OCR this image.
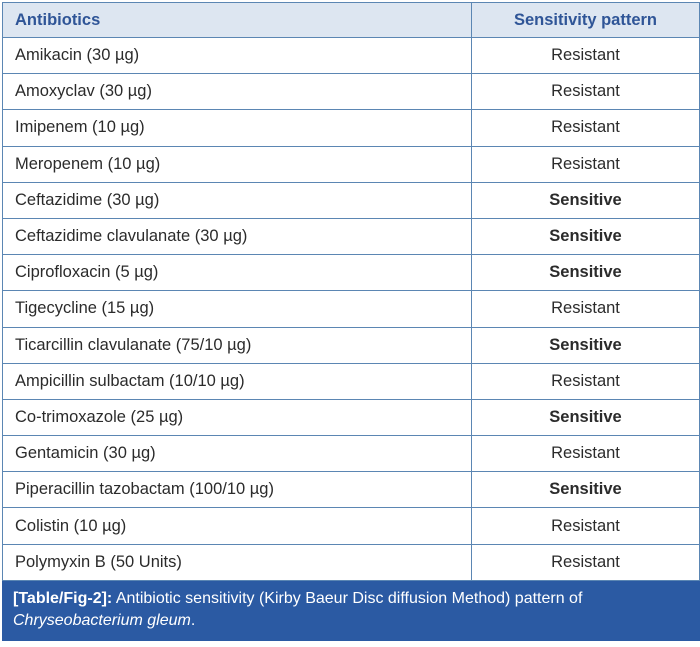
Antibiotics	Sensitivity pattern
Amikacin (30 µg)	Resistant
Amoxyclav (30 µg)	Resistant
Imipenem (10 µg)	Resistant
Meropenem (10 µg)	Resistant
Ceftazidime (30 µg)	Sensitive
Ceftazidime clavulanate (30 µg)	Sensitive
Ciprofloxacin (5 µg)	Sensitive
Tigecycline (15 µg)	Resistant
Ticarcillin clavulanate (75/10 µg)	Sensitive
Ampicillin sulbactam (10/10 µg)	Resistant
Co-trimoxazole (25 µg)	Sensitive
Gentamicin (30 µg)	Resistant
Piperacillin tazobactam (100/10 µg)	Sensitive
Colistin (10 µg)	Resistant
Polymyxin B (50 Units)	Resistant
[Table/Fig-2]: Antibiotic sensitivity (Kirby Baeur Disc diffusion Method) pattern of Chryseobacterium gleum.
